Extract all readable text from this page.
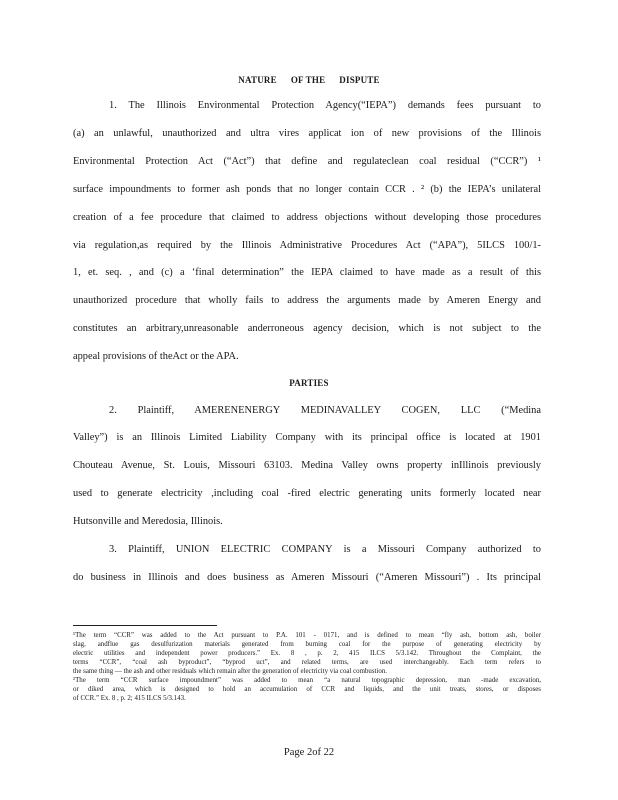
NATURE OF THE DISPUTE
1. The Illinois Environmental Protection Agency(“IEPA”) demands fees pursuant to
(a) an unlawful, unauthorized and ultra vires applicat ion of new provisions of the Illinois
Environmental Protection Act (“Act”) that define and regulateclean coal residual (“CCR”) ¹
surface impoundments to former ash ponds that no longer contain CCR . ² (b) the IEPA’s unilateral
creation of a fee procedure that claimed to address objections without developing those procedures
via regulation,as required by the Illinois Administrative Procedures Act (“APA”), 5ILCS 100/1-
1, et. seq. , and (c) a ‘final determination” the IEPA claimed to have made as a result of this
unauthorized procedure that wholly fails to address the arguments made by Ameren Energy and
constitutes an arbitrary,unreasonable anderroneous agency decision, which is not subject to the
appeal provisions of theAct or the APA.
PARTIES
2. Plaintiff, AMERENENERGY MEDINAVALLEY COGEN, LLC (“Medina
Valley”) is an Illinois Limited Liability Company with its principal office is located at 1901
Chouteau Avenue, St. Louis, Missouri 63103. Medina Valley owns property inIllinois previously
used to generate electricity ,including coal -fired electric generating units formerly located near
Hutsonville and Meredosia, Illinois.
3. Plaintiff, UNION ELECTRIC COMPANY is a Missouri Company authorized to
do business in Illinois and does business as Ameren Missouri (“Ameren Missouri”) . Its principal
¹The term “CCR” was added to the Act pursuant to P.A. 101 - 0171, and is defined to mean “fly ash, bottom ash, boiler
slag, andflue gas desulfurization materials generated from burning coal for the purpose of generating electricity by
electric utilities and independent power producers.” Ex. 8 , p. 2, 415 ILCS 5/3.142. Throughout the Complaint, the
terms “CCR”, “coal ash byproduct”, “byprod uct”, and related terms, are used interchangeably. Each term refers to
the same thing — the ash and other residuals which remain after the generation of electricity via coal combustion.
²The term “CCR surface impoundment” was added to mean “a natural topographic depression, man -made excavation,
or diked area, which is designed to hold an accumulation of CCR and liquids, and the unit treats, stores, or disposes
of CCR.” Ex. 8 , p. 2; 415 ILCS 5/3.143.
Page 2of 22
